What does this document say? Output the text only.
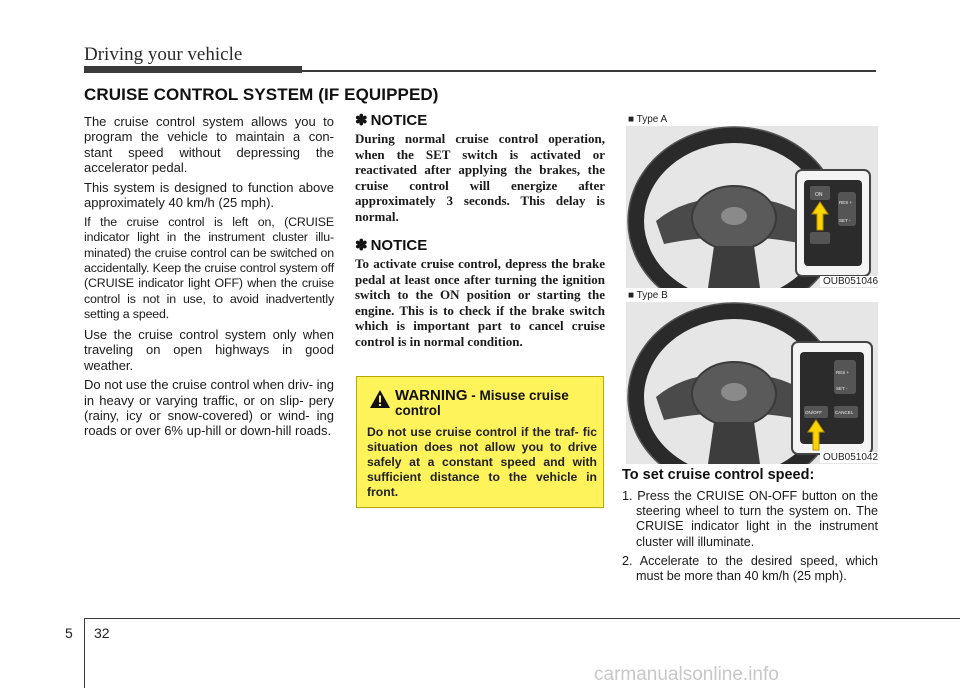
Driving your vehicle
CRUISE CONTROL SYSTEM (IF EQUIPPED)

The cruise control system allows you to program the vehicle to maintain a con- stant speed without depressing the accelerator pedal.

This system is designed to function above approximately 40 km/h (25 mph).

If the cruise control is left on, (CRUISE indicator light in the instrument cluster illu- minated) the cruise control can be switched on accidentally. Keep the cruise control system off (CRUISE indicator light OFF) when the cruise control is not in use, to avoid inadvertently setting a speed.

Use the cruise control system only when traveling on open highways in good weather.

Do not use the cruise control when driv- ing in heavy or varying traffic, or on slip- pery (rainy, icy or snow-covered) or wind- ing roads or over 6% up-hill or down-hill roads.

✽ NOTICE

During normal cruise control operation, when the SET switch is activated or reactivated after applying the brakes, the cruise control will energize after approximately 3 seconds. This delay is normal.

✽ NOTICE

To activate cruise control, depress the brake pedal at least once after turning the ignition switch to the ON position or starting the engine. This is to check if the brake switch which is important part to cancel cruise control is in normal condition.

WARNING - Misuse cruise control
Do not use cruise control if the traf- fic situation does not allow you to drive safely at a constant speed and with sufficient distance to the vehicle in front.
■ Type A
ON
RES +
SET -
OUB051046
■ Type B
RES +
SET -
ON/OFF	CANCEL
OUB051042
To set cruise control speed:
1. Press the CRUISE ON-OFF button on the steering wheel to turn the system on. The CRUISE indicator light in the instrument cluster will illuminate.
2. Accelerate to the desired speed, which must be more than 40 km/h (25 mph).
5 32
carmanualsonline.info
